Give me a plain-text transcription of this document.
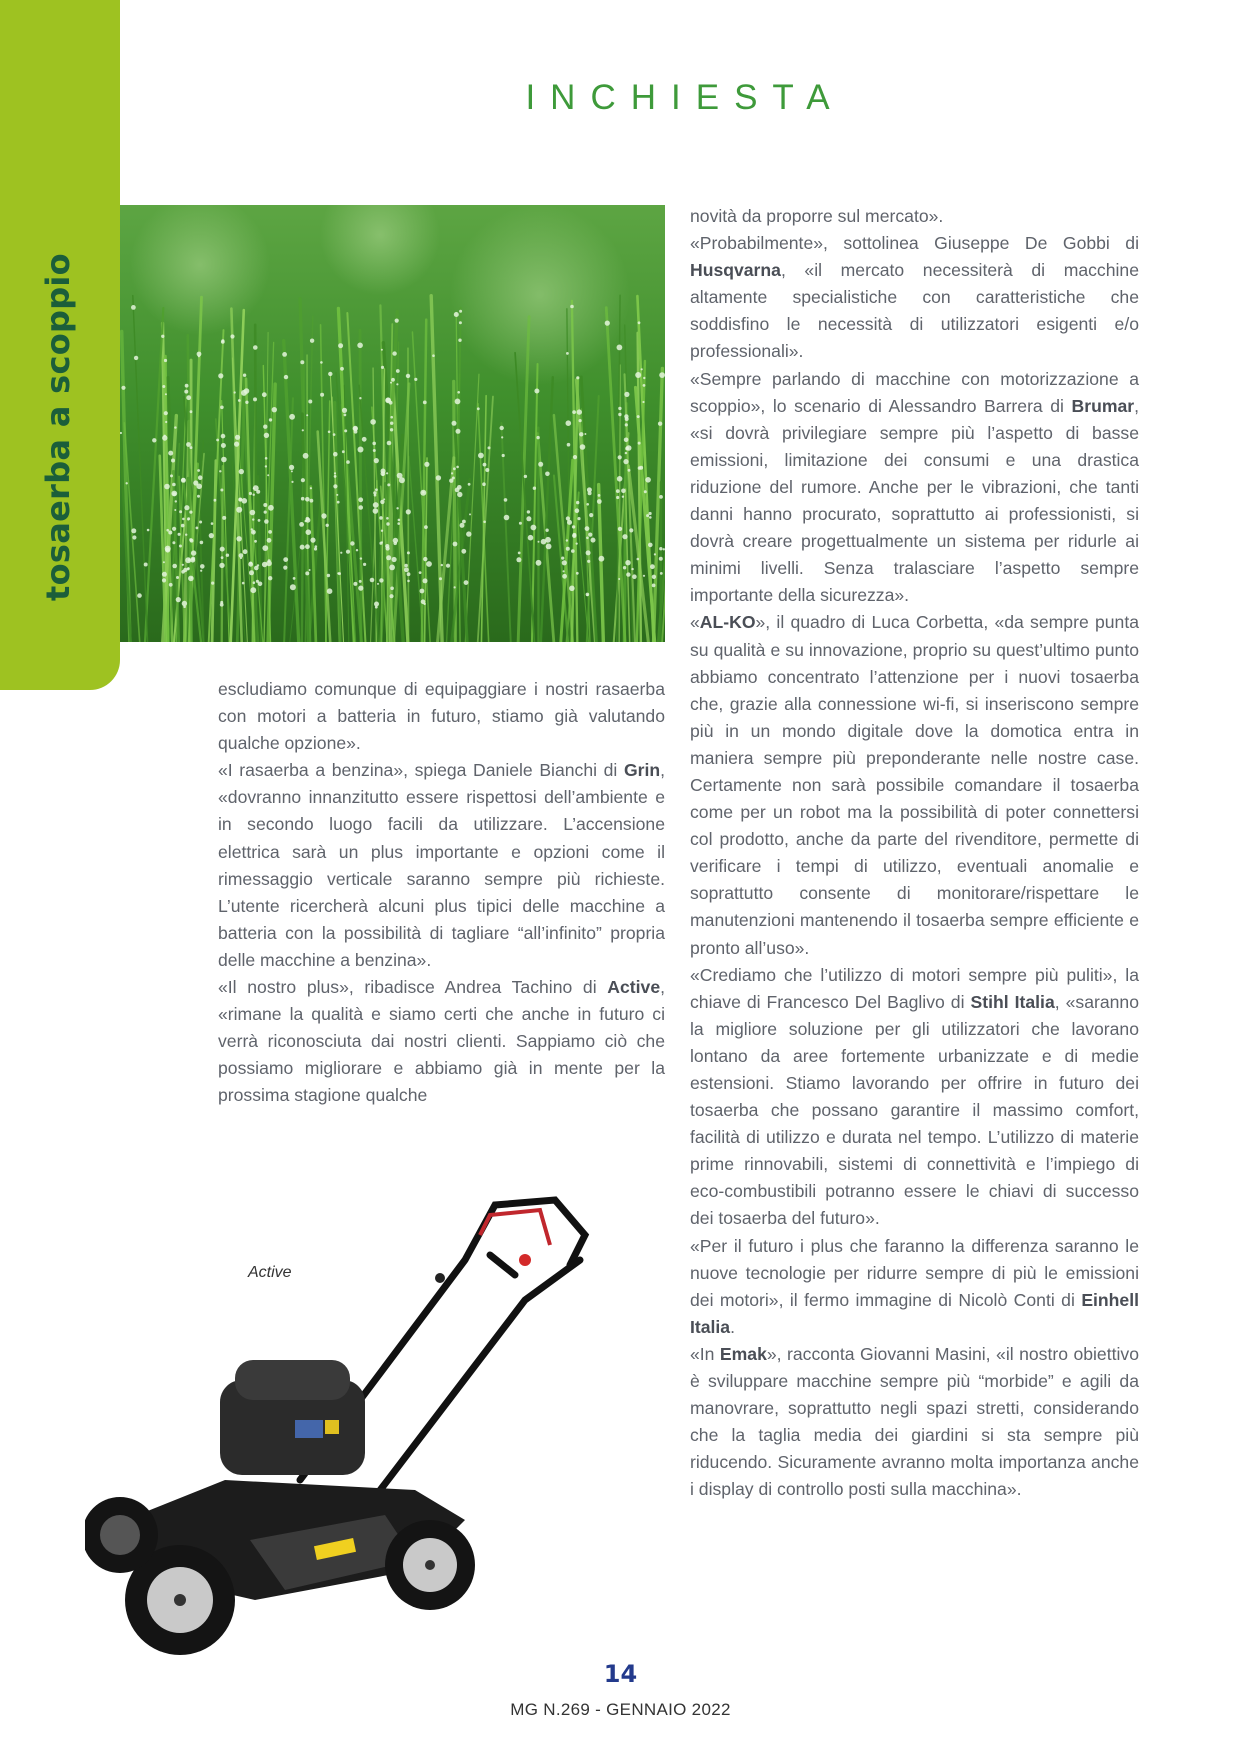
tosaerba a scoppio
INCHIESTA

escludiamo comunque di equipaggiare i nostri rasaerba con motori a batteria in futuro, stiamo già valutando qualche opzione».

«I rasaerba a benzina», spiega Daniele Bianchi di Grin, «dovranno innanzitutto essere rispettosi dell’ambiente e in secondo luogo facili da utilizzare. L’accensione elettrica sarà un plus importante e opzioni come il rimessaggio verticale saranno sempre più richieste. L’utente ricercherà alcuni plus tipici delle macchine a batteria con la possibilità di tagliare “all’infinito” propria delle macchine a benzina».

«Il nostro plus», ribadisce Andrea Tachino di Active, «rimane la qualità e siamo certi che anche in futuro ci verrà riconosciuta dai nostri clienti. Sappiamo ciò che possiamo migliorare e abbiamo già in mente per la prossima stagione qualche

novità da proporre sul mercato».

«Probabilmente», sottolinea Giuseppe De Gobbi di Husqvarna, «il mercato necessiterà di macchine altamente specialistiche con caratteristiche che soddisfino le necessità di utilizzatori esigenti e/o professionali».

«Sempre parlando di macchine con motorizzazione a scoppio», lo scenario di Alessandro Barrera di Brumar, «si dovrà privilegiare sempre più l’aspetto di basse emissioni, limitazione dei consumi e una drastica riduzione del rumore. Anche per le vibrazioni, che tanti danni hanno procurato, soprattutto ai professionisti, si dovrà creare progettualmente un sistema per ridurle ai minimi livelli. Senza tralasciare l’aspetto sempre importante della sicurezza».

«AL-KO», il quadro di Luca Corbetta, «da sempre punta su qualità e su innovazione, proprio su quest’ultimo punto abbiamo concentrato l’attenzione per i nuovi tosaerba che, grazie alla connessione wi-fi, si inseriscono sempre più in un mondo digitale dove la domotica entra in maniera sempre più preponderante nelle nostre case. Certamente non sarà possibile comandare il tosaerba come per un robot ma la possibilità di poter connettersi col prodotto, anche da parte del rivenditore, permette di verificare i tempi di utilizzo, eventuali anomalie e soprattutto consente di monitorare/rispettare le manutenzioni mantenendo il tosaerba sempre efficiente e pronto all’uso».

«Crediamo che l’utilizzo di motori sempre più puliti», la chiave di Francesco Del Baglivo di Stihl Italia, «saranno la migliore soluzione per gli utilizzatori che lavorano lontano da aree fortemente urbanizzate e di medie estensioni. Stiamo lavorando per offrire in futuro dei tosaerba che possano garantire il massimo comfort, facilità di utilizzo e durata nel tempo. L’utilizzo di materie prime rinnovabili, sistemi di connettività e l’impiego di eco-combustibili potranno essere le chiavi di successo dei tosaerba del futuro».

«Per il futuro i plus che faranno la differenza saranno le nuove tecnologie per ridurre sempre di più le emissioni dei motori», il fermo immagine di Nicolò Conti di Einhell Italia.

«In Emak», racconta Giovanni Masini, «il nostro obiettivo è sviluppare macchine sempre più “morbide” e agili da manovrare, soprattutto negli spazi stretti, considerando che la taglia media dei giardini si sta sempre più riducendo. Sicuramente avranno molta importanza anche i display di controllo posti sulla macchina».

Active
14
MG N.269 - GENNAIO 2022
